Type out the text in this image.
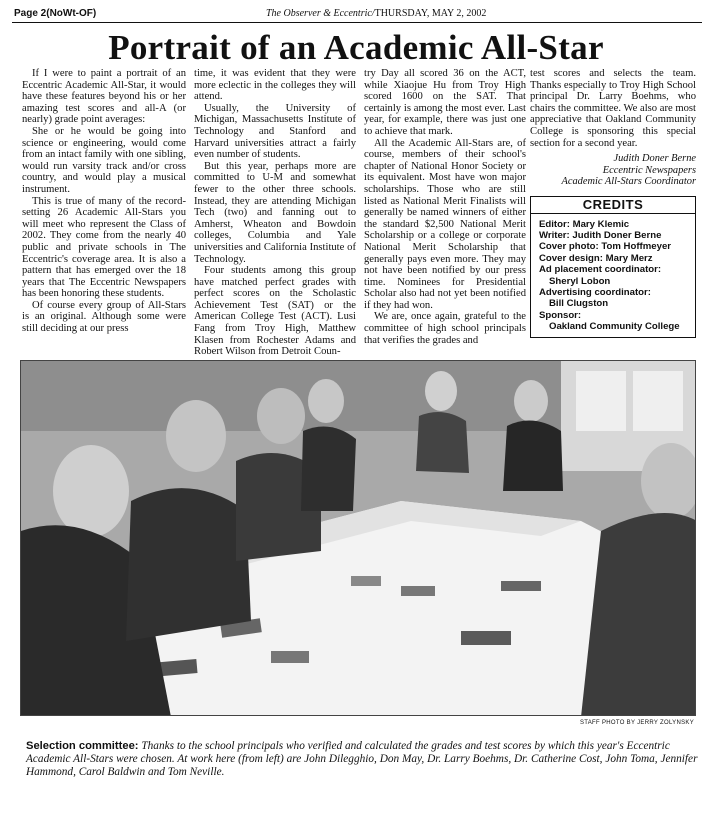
Page 2(NoWt-OF)	The Observer & Eccentric/THURSDAY, MAY 2, 2002
Portrait of an Academic All-Star

If I were to paint a portrait of an Eccentric Academic All-Star, it would have these features beyond his or her amazing test scores and all-A (or nearly) grade point averages:

She or he would be going into science or engineering, would come from an intact family with one sibling, would run varsity track and/or cross country, and would play a musical instrument.

This is true of many of the record-setting 26 Academic All-Stars you will meet who represent the Class of 2002. They come from the nearly 40 public and private schools in The Eccentric's coverage area. It is also a pattern that has emerged over the 18 years that The Eccentric Newspapers has been honoring these students.

Of course every group of All-Stars is an original. Although some were still deciding at our press

time, it was evident that they were more eclectic in the colleges they will attend.

Usually, the University of Michigan, Massachusetts Institute of Technology and Stanford and Harvard universities attract a fairly even number of students.

But this year, perhaps more are committed to U-M and somewhat fewer to the other three schools. Instead, they are attending Michigan Tech (two) and fanning out to Amherst, Wheaton and Bowdoin colleges, Columbia and Yale universities and California Institute of Technology.

Four students among this group have matched perfect grades with perfect scores on the Scholastic Achievement Test (SAT) or the American College Test (ACT). Lusi Fang from Troy High, Matthew Klasen from Rochester Adams and Robert Wilson from Detroit Coun-

try Day all scored 36 on the ACT, while Xiaojue Hu from Troy High scored 1600 on the SAT. That certainly is among the most ever. Last year, for example, there was just one to achieve that mark.

All the Academic All-Stars are, of course, members of their school's chapter of National Honor Society or its equivalent. Most have won major scholarships. Those who are still listed as National Merit Finalists will generally be named winners of either the standard $2,500 National Merit Scholarship or a college or corporate National Merit Scholarship that generally pays even more. They may not have been notified by our press time. Nominees for Presidential Scholar also had not yet been notified if they had won.

We are, once again, grateful to the committee of high school principals that verifies the grades and

test scores and selects the team. Thanks especially to Troy High School principal Dr. Larry Boehms, who chairs the committee. We also are most appreciative that Oakland Community College is sponsoring this special section for a second year.

Judith Doner Berne

Eccentric Newspapers

Academic All-Stars Coordinator

CREDITS
Editor: Mary Klemic
Writer: Judith Doner Berne
Cover photo: Tom Hoffmeyer
Cover design: Mary Merz
Ad placement coordinator:
Sheryl Lobon
Advertising coordinator:
Bill Clugston
Sponsor:
Oakland Community College
STAFF PHOTO BY JERRY ZOLYNSKY
Selection committee: Thanks to the school principals who verified and calculated the grades and test scores by which this year's Eccentric Academic All-Stars were chosen. At work here (from left) are John Dilegghio, Don May, Dr. Larry Boehms, Dr. Catherine Cost, John Toma, Jennifer Hammond, Carol Baldwin and Tom Neville.
